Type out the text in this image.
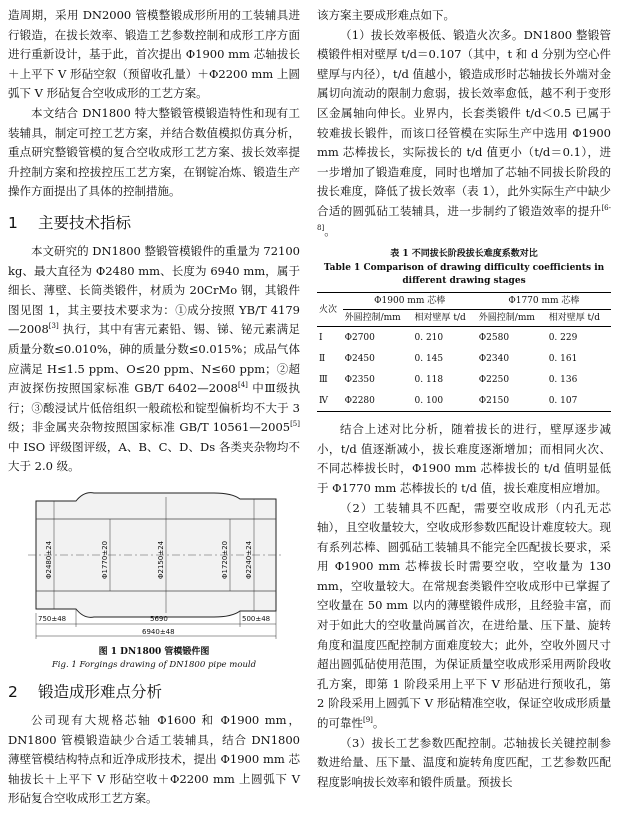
造周期，采用 DN2000 管模整锻成形所用的工装辅具进行锻造，在拔长效率、锻造工艺参数控制和成形工序方面进行重新设计，基于此，首次提出 Φ1900 mm 芯轴拔长＋上平下 V 形砧空叙（预留收孔量）＋Φ2200 mm 上圆弧下 V 形砧复合空收成形的工艺方案。

本文结合 DN1800 特大整锻管模锻造特性和现有工装辅具，制定可控工艺方案，并结合数值模拟仿真分析，重点研究整锻管模的复合空收成形工艺方案、拔长效率提升控制方案和控拔控压工艺方案，在钢锭冶炼、锻造生产操作方面提出了具体的控制措施。

1 主要技术指标

本文研究的 DN1800 整锻管模锻件的重量为 72100 kg、最大直径为 Φ2480 mm、长度为 6940 mm，属于细长、薄壁、长筒类锻件，材质为 20CrMo 钢，其锻件图见图 1，其主要技术要求为：①成分按照 YB/T 4179—2008[3] 执行，其中有害元素铅、锡、锑、铋元素满足质量分数≤0.010%，砷的质量分数≤0.015%；成品气体应满足 H≤1.5 ppm、O≤20 ppm、N≤60 ppm；②超声波探伤按照国家标准 GB/T 6402—2008[4] 中Ⅲ级执行；③酸浸试片低倍组织一般疏松和锭型偏析均不大于 3 级；非金属夹杂物按照国家标准 GB/T 10561—2005[5] 中 ISO 评级图评级，A、B、C、D、Ds 各类夹杂物均不大于 2.0 级。

Φ2480±24	Φ1770±20	Φ2150±24	Φ1720±20 Φ2240±24
750±48	5690	500±48
6940±48
图 1 DN1800 管模锻件图
Fig. 1 Forgings drawing of DN1800 pipe mould
2 锻造成形难点分析

公司现有大规格芯轴 Φ1600 和 Φ1900 mm，DN1800 管模锻造缺少合适工装辅具，结合 DN1800 薄壁管模结构特点和近净成形技术，提出 Φ1900 mm 芯轴拔长＋上平下 V 形砧空收＋Φ2200 mm 上圆弧下 V 形砧复合空收成形工艺方案。

该方案主要成形难点如下。

（1）拔长效率极低、锻造火次多。DN1800 整锻管模锻件相对壁厚 t/d＝0.107（其中，t 和 d 分别为空心件壁厚与内径），t/d 值越小，锻造成形时芯轴拔长外端对金属切向流动的限制力愈弱，拔长效率愈低，越不利于变形区金属轴向伸长。业界内，长套类锻件 t/d＜0.5 已属于较难拔长锻件，而该口径管模在实际生产中选用 Φ1900 mm 芯棒拔长，实际拔长的 t/d 值更小（t/d＝0.1），进一步增加了锻造难度，同时也增加了芯轴不同拔长阶段的拔长难度，降低了拔长效率（表 1），此外实际生产中缺少合适的圆弧砧工装辅具，进一步制约了锻造效率的提升[6-8]。

表 1 不同拔长阶段拔长难度系数对比
Table 1 Comparison of drawing difficulty coefficients in
different drawing stages
火次	Φ1900 mm 芯棒		Φ1770 mm 芯棒	
	外圆控制/mm	相对壁厚 t/d	外圆控制/mm	相对壁厚 t/d
Ⅰ	Φ2700	0. 210	Φ2580	0. 229
Ⅱ	Φ2450	0. 145	Φ2340	0. 161
Ⅲ	Φ2350	0. 118	Φ2250	0. 136
Ⅳ	Φ2280	0. 100	Φ2150	0. 107

结合上述对比分析，随着拔长的进行，壁厚逐步减小，t/d 值逐渐减小，拔长难度逐渐增加；而相同火次、不同芯棒拔长时，Φ1900 mm 芯棒拔长的 t/d 值明显低于 Φ1770 mm 芯棒拔长的 t/d 值，拔长难度相应增加。

（2）工装辅具不匹配，需要空收成形（内孔无芯轴），且空收量较大，空收成形参数匹配设计难度较大。现有系列芯棒、圆弧砧工装辅具不能完全匹配拔长要求，采用 Φ1900 mm 芯棒拔长时需要空收，空收量为 130 mm，空收量较大。在常规套类锻件空收成形中已掌握了空收量在 50 mm 以内的薄壁锻件成形，且经验丰富，而对于如此大的空收量尚属首次，在进给量、压下量、旋转角度和温度匹配控制方面难度较大；此外，空收外圆尺寸超出圆弧砧使用范围，为保证质量空收成形采用两阶段收孔方案，即第 1 阶段采用上平下 V 形砧进行预收孔，第 2 阶段采用上圆弧下 V 形砧精准空收，保证空收成形质量的可靠性[9]。

（3）拔长工艺参数匹配控制。芯轴拔长关键控制参数进给量、压下量、温度和旋转角度匹配，工艺参数匹配程度影响拔长效率和锻件质量。预拔长
